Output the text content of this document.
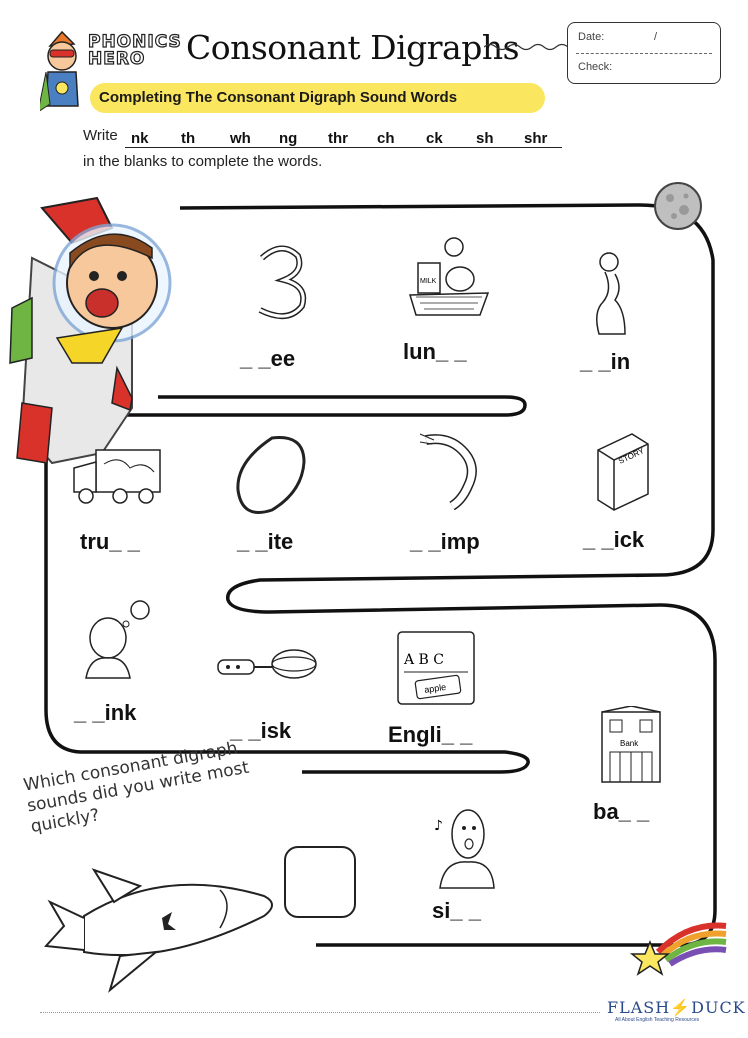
PHONICS
HERO	Consonant Digraphs	Date:	/
Check:
Completing The Consonant Digraph Sound Words
Write nk th wh ng thr ch ck sh shr
in the blanks to complete the words.
MILK
STORY
A B C
apple
Bank
♪
_ _ee	lun_ _	_ _in
tru_ _	_ _ite	_ _imp	_ _ick
_ _ink
_ _isk	Engli_ _
ba_ _
si_ _
Which consonant digraph sounds did you write most quickly?
FLASH⚡DUCK
All About English Teaching Resources
